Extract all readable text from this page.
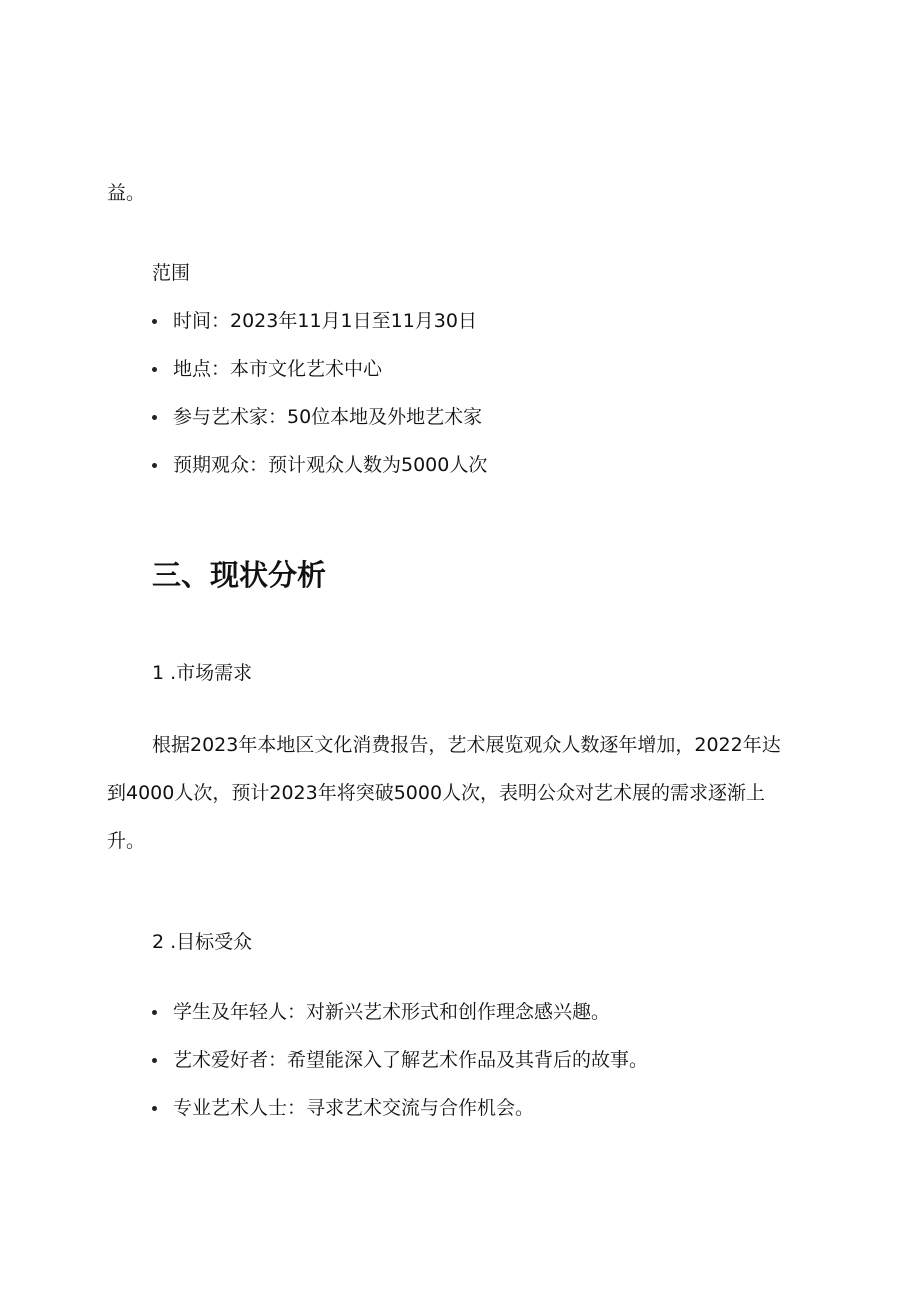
益。
范围
时间：2023年11月1日至11月30日
地点：本市文化艺术中心
参与艺术家：50位本地及外地艺术家
预期观众：预计观众人数为5000人次
三、现状分析
1 .市场需求
根据2023年本地区文化消费报告，艺术展览观众人数逐年增加，2022年达
到4000人次，预计2023年将突破5000人次，表明公众对艺术展的需求逐渐上
升。
2 .目标受众
学生及年轻人：对新兴艺术形式和创作理念感兴趣。
艺术爱好者：希望能深入了解艺术作品及其背后的故事。
专业艺术人士：寻求艺术交流与合作机会。
